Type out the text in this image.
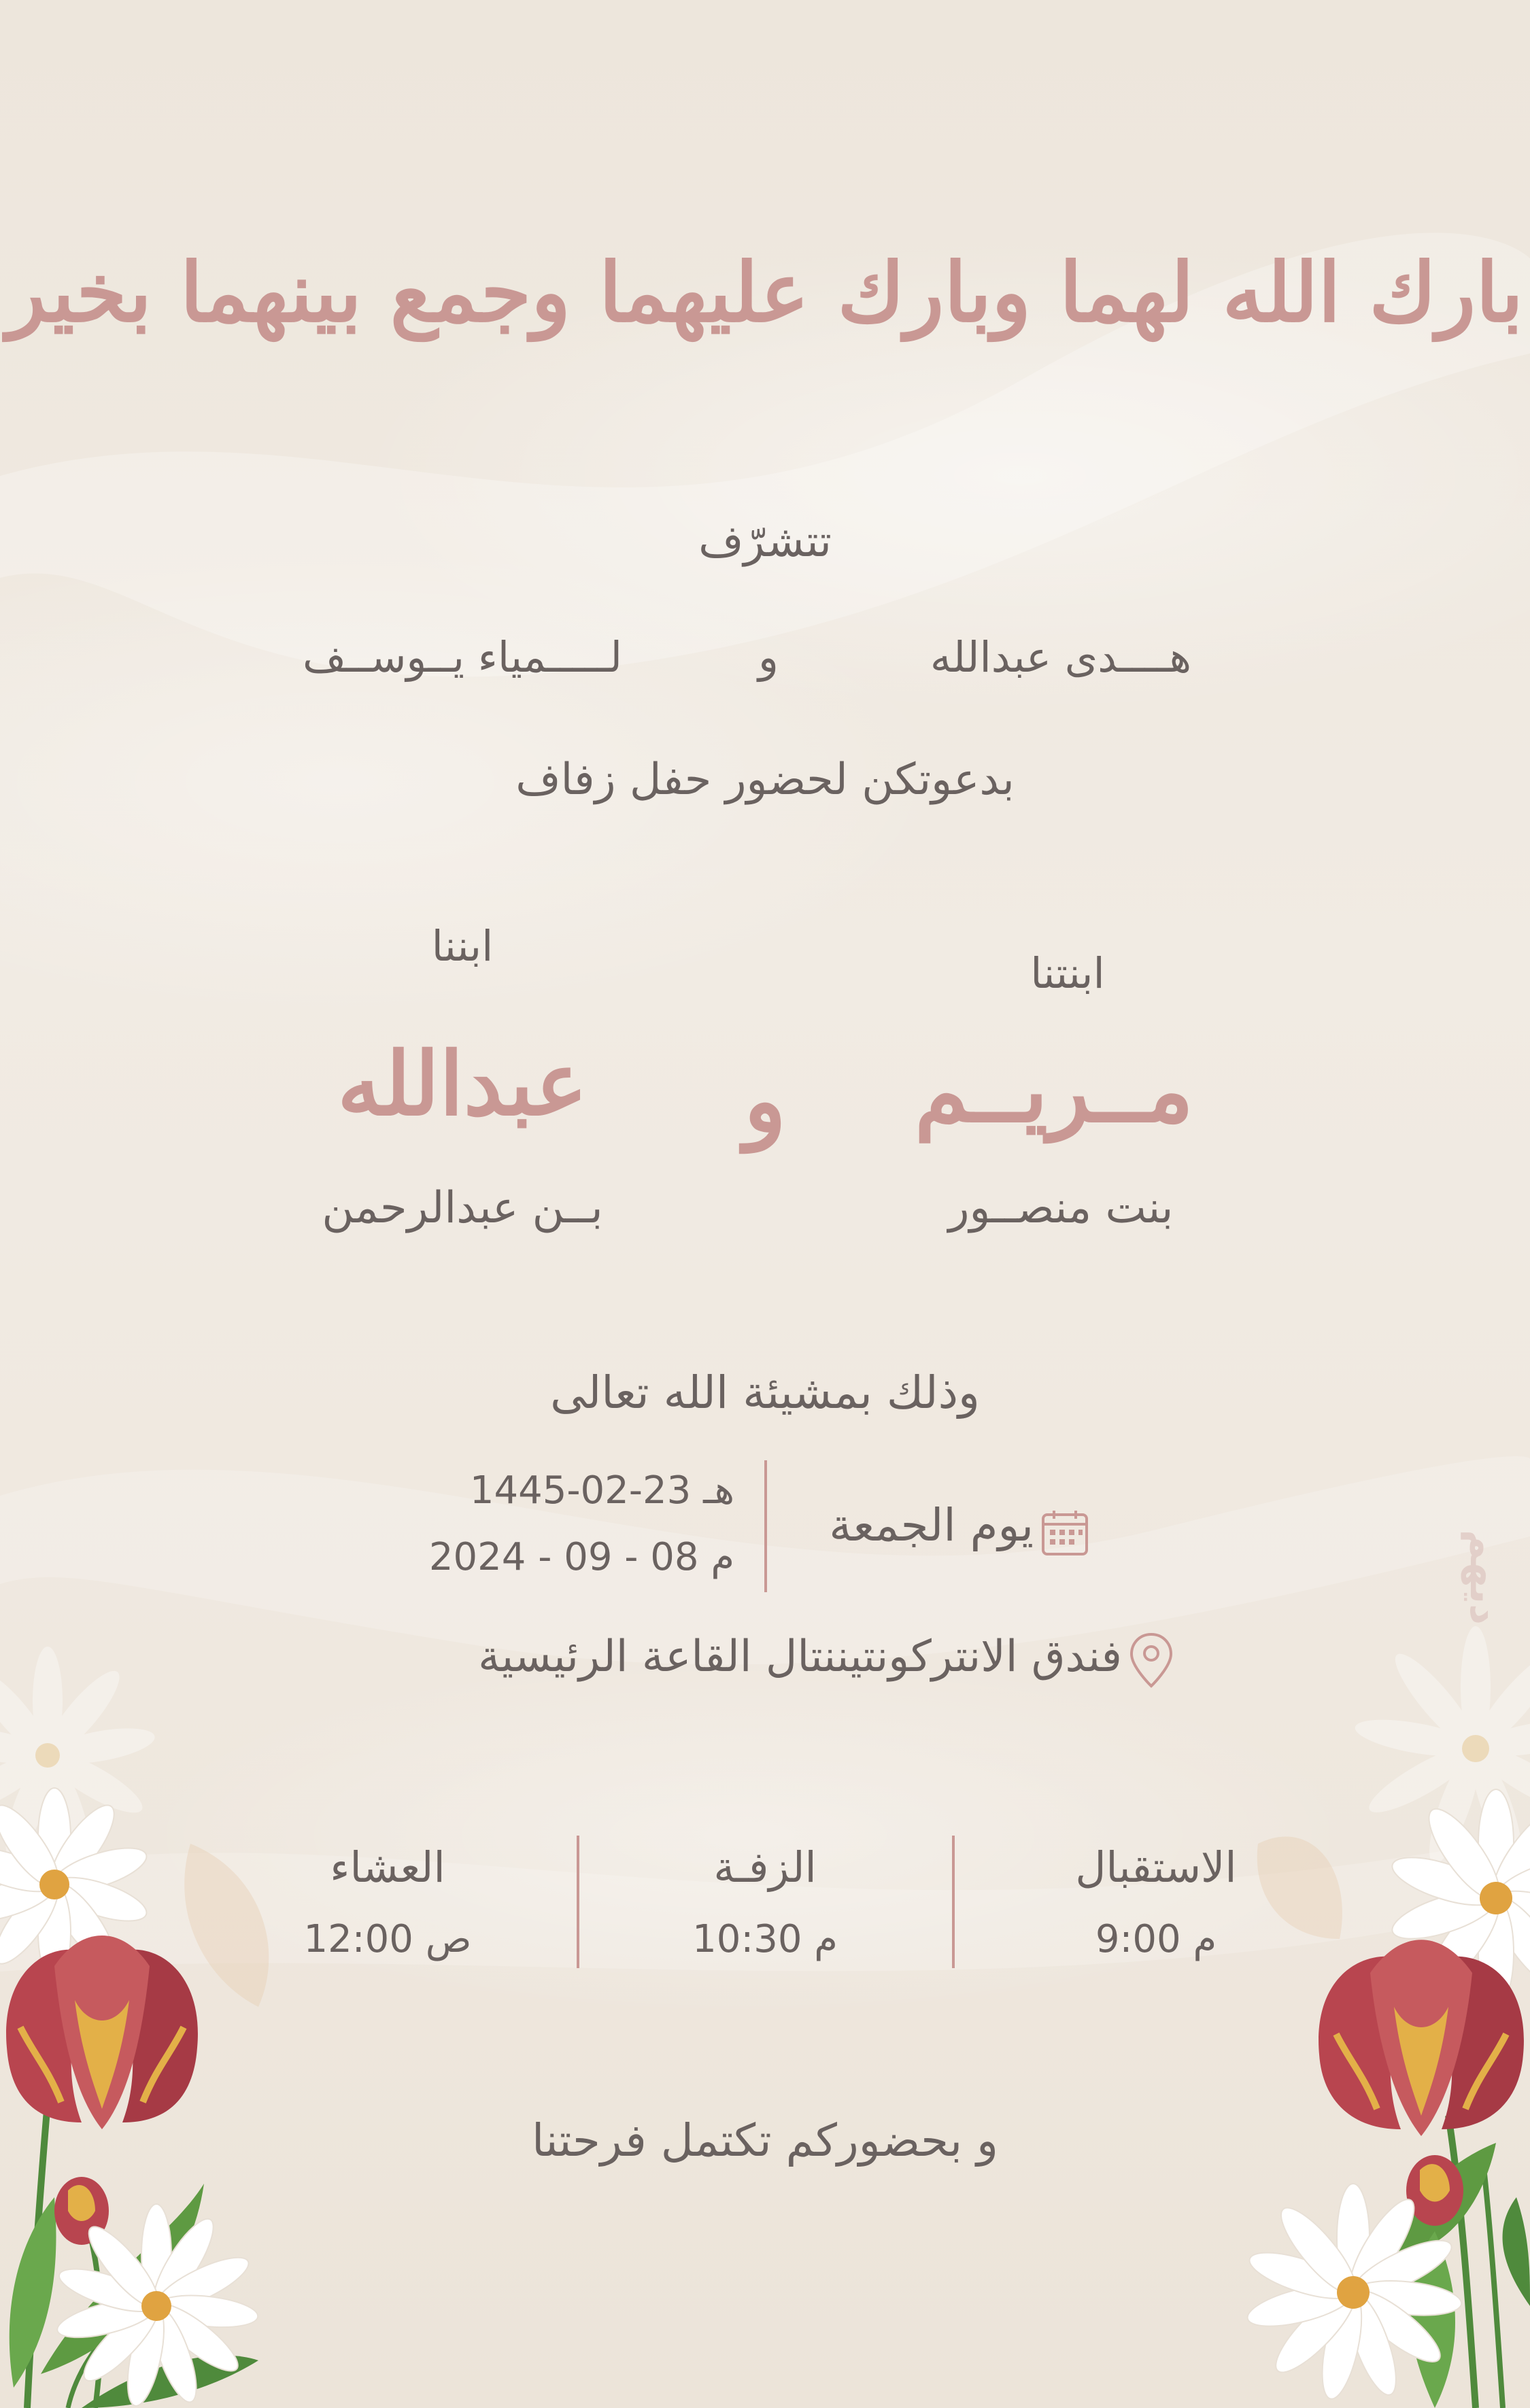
ديهم
بارك الله لهما وبارك عليهما وجمع بينهما بخير
تتشرّف
هــــدى عبدالله
و
لـــــمياء يــوســف
بدعوتكن لحضور حفل زفاف
ابنتنا
مــريــم
بنت منصــور
و
ابننا
عبدالله
بــن عبدالرحمن
وذلك بمشيئة الله تعالى
يوم الجمعة
1445-02-23 هـ
2024 - 09 - 08 م
فندق الانتركونتيننتال القاعة الرئيسية
الاستقبال
9:00 م
الزفـة
10:30 م
العشاء
12:00 ص
و بحضوركم تكتمل فرحتنا
